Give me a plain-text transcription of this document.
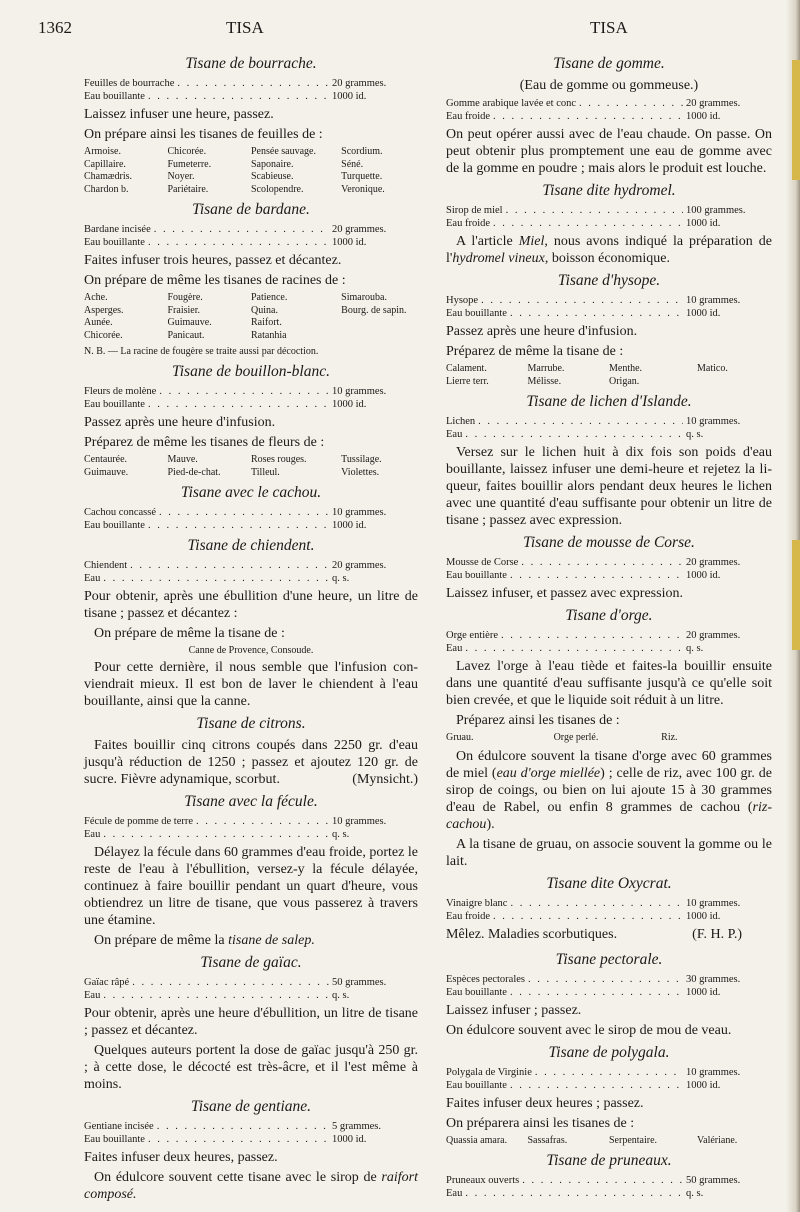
1362	TISA	TISA
Tisane de bourrache.
Feuilles de bourrache . . .	20 grammes.
Eau bouillante . . .	1000 id.
Laissez infuser une heure, passez.
On prépare ainsi les tisanes de feuilles de :
Armoise.	Chicorée.	Pensée sauvage.	Scordium.
Capillaire.	Fumeterre.	Saponaire.	Séné.
Chamædris.	Noyer.	Scabieuse.	Turquette.
Chardon b.	Pariétaire.	Scolopendre.	Veronique.
Tisane de bardane.
Bardane incisée . . .	20 grammes.
Eau bouillante . . .	1000 id.
Faites infuser trois heures, passez et décantez.
On prépare de même les tisanes de racines de :
Ache.	Fougère.	Patience.	Simarouba.
Asperges.	Fraisier.	Quina.	Bourg. de sapin.
Aunée.	Guimauve.	Raifort.
Chicorée.	Panicaut.	Ratanhia
N. B. — La racine de fougère se traite aussi par décoction.
Tisane de bouillon-blanc.
Fleurs de molène . . .	10 grammes.
Eau bouillante . . .	1000 id.
Passez après une heure d'infusion.
Préparez de même les tisanes de fleurs de :
Centaurée.	Mauve.	Roses rouges.	Tussilage.
Guimauve.	Pied-de-chat.	Tilleul.	Violettes.
Tisane avec le cachou.
Cachou concassé . . .	10 grammes.
Eau bouillante . . .	1000 id.
Tisane de chiendent.
Chiendent . . .	20 grammes.
Eau . . .	q. s.
Pour obtenir, après une ébullition d'une heure, un litre de tisane ; passez et décantez :
On prépare de même la tisane de :
Canne de Provence, Consoude.
Pour cette dernière, il nous semble que l'infusion conviendrait mieux. Il est bon de laver le chiendent à l'eau bouillante, ainsi que la canne.
Tisane de citrons.
Faites bouillir cinq citrons coupés dans 2250 gr. d'eau jusqu'à réduction de 1250 ; passez et ajoutez 120 gr. de sucre. Fièvre adynamique, scorbut.	(Mynsicht.)
Tisane avec la fécule.
Fécule de pomme de terre . . .	10 grammes.
Eau . . .	q. s.
Délayez la fécule dans 60 grammes d'eau froide, portez le reste de l'eau à l'ébullition, versez-y la fécule délayée, continuez à faire bouillir pendant un quart d'heure, vous obtiendrez un litre de tisane, que vous passerez à travers une étamine.
On prépare de même la tisane de salep.
Tisane de gaïac.
Gaïac râpé . . .	50 grammes.
Eau . . .	q. s.
Pour obtenir, après une heure d'ébullition, un litre de tisane ; passez et décantez.
Quelques auteurs portent la dose de gaïac jusqu'à 250 gr. ; à cette dose, le décocté est très-âcre, et il l'est même à moins.
Tisane de gentiane.
Gentiane incisée . . .	5 grammes.
Eau bouillante . . .	1000 id.
Faites infuser deux heures, passez.
On édulcore souvent cette tisane avec le sirop de raifort composé.
Tisane de gomme.
(Eau de gomme ou gommeuse.)
Gomme arabique lavée et conc . . .	20 grammes.
Eau froide . . .	1000 id.
On peut opérer aussi avec de l'eau chaude. On passe. On peut obtenir plus promptement une eau de gomme avec de la gomme en poudre ; mais alors le produit est louche.
Tisane dite hydromel.
Sirop de miel . . .	100 grammes.
Eau froide . . .	1000 id.
A l'article Miel, nous avons indiqué la préparation de l'hydromel vineux, boisson économique.
Tisane d'hysope.
Hysope . . .	10 grammes.
Eau bouillante . . .	1000 id.
Passez après une heure d'infusion.
Préparez de même la tisane de :
Calament.	Marrube.	Menthe.	Matico.
Lierre terr.	Mélisse.	Origan.
Tisane de lichen d'Islande.
Lichen . . .	10 grammes.
Eau . . .	q. s.
Versez sur le lichen huit à dix fois son poids d'eau bouillante, laissez infuser une demi-heure et rejetez la liqueur, faites bouillir alors pendant deux heures le lichen avec une quantité d'eau suffisante pour obtenir un litre de tisane ; passez avec expression.
Tisane de mousse de Corse.
Mousse de Corse . . .	20 grammes.
Eau bouillante . . .	1000 id.
Laissez infuser, et passez avec expression.
Tisane d'orge.
Orge entière . . .	20 grammes.
Eau . . .	q. s.
Lavez l'orge à l'eau tiède et faites-la bouillir ensuite dans une quantité d'eau suffisante jusqu'à ce qu'elle soit bien crevée, et que le liquide soit réduit à un litre.
Préparez ainsi les tisanes de :
Gruau.	Orge perlé.	Riz.
On édulcore souvent la tisane d'orge avec 60 grammes de miel (eau d'orge miellée) ; celle de riz, avec 100 gr. de sirop de coings, ou bien on lui ajoute 15 à 30 grammes d'eau de Rabel, ou enfin 8 grammes de cachou (riz-cachou).
A la tisane de gruau, on associe souvent la gomme ou le lait.
Tisane dite Oxycrat.
Vinaigre blanc . . .	10 grammes.
Eau froide . . .	1000 id.
Mêlez. Maladies scorbutiques.	(F. H. P.)
Tisane pectorale.
Espèces pectorales . . .	30 grammes.
Eau bouillante . . .	1000 id.
Laissez infuser ; passez.
On édulcore souvent avec le sirop de mou de veau.
Tisane de polygala.
Polygala de Virginie . . .	10 grammes.
Eau bouillante . . .	1000 id.
Faites infuser deux heures ; passez.
On préparera ainsi les tisanes de :
Quassia amara.	Sassafras.	Serpentaire.	Valériane.
Tisane de pruneaux.
Pruneaux ouverts . . .	50 grammes.
Eau . . .	q. s.
